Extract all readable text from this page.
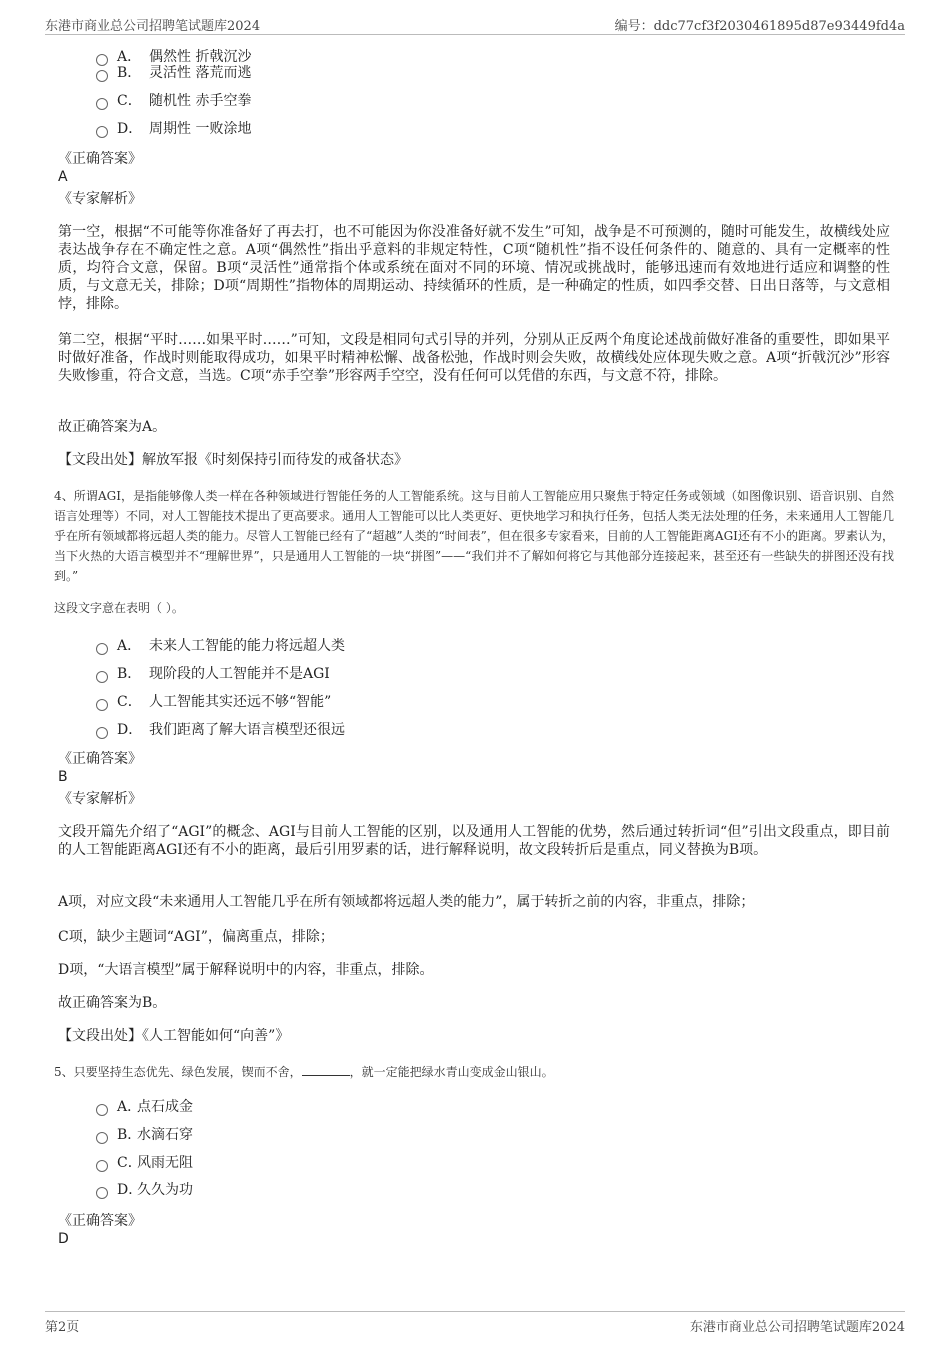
东港市商业总公司招聘笔试题库2024	编号：ddc77cf3f2030461895d87e93449fd4a
A． 偶然性 折戟沉沙
B． 灵活性 落荒而逃
C． 随机性 赤手空拳
D． 周期性 一败涂地
《正确答案》
A
《专家解析》
第一空，根据“不可能等你准备好了再去打，也不可能因为你没准备好就不发生”可知，战争是不可预测的，随时可能发生，故横线处应表达战争存在不确定性之意。A项“偶然性”指出乎意料的非规定特性，C项“随机性”指不设任何条件的、随意的、具有一定概率的性质，均符合文意，保留。B项“灵活性”通常指个体或系统在面对不同的环境、情况或挑战时，能够迅速而有效地进行适应和调整的性质，与文意无关，排除；D项“周期性”指物体的周期运动、持续循环的性质，是一种确定的性质，如四季交替、日出日落等，与文意相悖，排除。
第二空，根据“平时……如果平时……”可知，文段是相同句式引导的并列，分别从正反两个角度论述战前做好准备的重要性，即如果平时做好准备，作战时则能取得成功，如果平时精神松懈、战备松弛，作战时则会失败，故横线处应体现失败之意。A项“折戟沉沙”形容失败惨重，符合文意，当选。C项“赤手空拳”形容两手空空，没有任何可以凭借的东西，与文意不符，排除。
故正确答案为A。
【文段出处】解放军报《时刻保持引而待发的戒备状态》
4、所谓AGI，是指能够像人类一样在各种领域进行智能任务的人工智能系统。这与目前人工智能应用只聚焦于特定任务或领域（如图像识别、语音识别、自然语言处理等）不同，对人工智能技术提出了更高要求。通用人工智能可以比人类更好、更快地学习和执行任务，包括人类无法处理的任务，未来通用人工智能几乎在所有领域都将远超人类的能力。尽管人工智能已经有了“超越”人类的“时间表”，但在很多专家看来，目前的人工智能距离AGI还有不小的距离。罗素认为，当下火热的大语言模型并不“理解世界”，只是通用人工智能的一块“拼图”——“我们并不了解如何将它与其他部分连接起来，甚至还有一些缺失的拼图还没有找到。”
这段文字意在表明（ ）。
A． 未来人工智能的能力将远超人类
B． 现阶段的人工智能并不是AGI
C． 人工智能其实还远不够“智能”
D． 我们距离了解大语言模型还很远
《正确答案》
B
《专家解析》
文段开篇先介绍了“AGI”的概念、AGI与目前人工智能的区别，以及通用人工智能的优势，然后通过转折词“但”引出文段重点，即目前的人工智能距离AGI还有不小的距离，最后引用罗素的话，进行解释说明，故文段转折后是重点，同义替换为B项。
A项，对应文段“未来通用人工智能几乎在所有领域都将远超人类的能力”，属于转折之前的内容，非重点，排除；
C项，缺少主题词“AGI”，偏离重点，排除；
D项，“大语言模型”属于解释说明中的内容，非重点，排除。
故正确答案为B。
【文段出处】《人工智能如何“向善”》
5、只要坚持生态优先、绿色发展，锲而不舍，	，就一定能把绿水青山变成金山银山。
A．点石成金
B．水滴石穿
C．风雨无阻
D．久久为功
《正确答案》
D
第2页	东港市商业总公司招聘笔试题库2024
